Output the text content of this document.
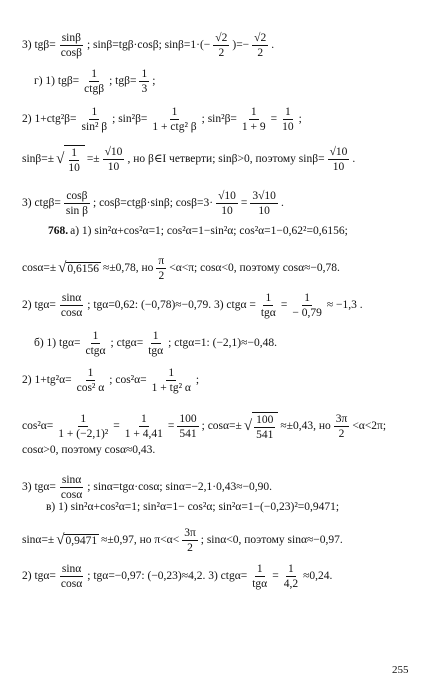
3) $tg\beta= \frac{\sin\beta}{\cos\beta}$ ; sinβ=tgβ·cosβ; $\sin\beta=1\cdot(- \frac{√2}{2}$ )=− $\frac{√2}{2}$ .
г) 1) tgβ=
1
ctgβ
; $tg\beta= \frac{1}{3}$ ;
2) $1+ctg^2\beta= \frac{1}{\text{sin² β}}$ ; sin²β=
1
1 + ctg² β
; $\sin^2\beta= \frac{1}{1 + 9} = \frac{1}{10}$ ;
sinβ=± √ 1
10
=± $\frac{√10}{10}$ , но β∈I четверти; sinβ>0, поэтому $\sin\beta= \frac{√10}{10}$ .
3) $ctg\beta= \frac{\cos\beta}{\text{sin β}}$ ; cosβ=ctgβ·sinβ; $\cos\beta=3\cdot \frac{√10}{10} = \frac{3√10}{10}$ .
768. а) 1) sin²α+cos²α=1; cos²α=1−sin²α; cos²α=1−0,62²=0,6156;
cosα=± √ 0,6156 ≈±0,78, но
π
2
<α<π; cosα<0, поэтому cosα≈−0,78.
2) $tg\alpha= \frac{\sin\alpha}{\cos\alpha}$ ; tgα=0,62: (−0,78)≈−0,79. 3) ctgα =
1
tgα
= $\frac{1}{- 0,79} \approx -1,3$ .
б) 1) tgα=
1
ctgα
; ctgα=
1
tgα
; ctgα=1: (−2,1)≈−0,48.
2) $1+tg^2\alpha= \frac{1}{\text{cos² α}}$ ; $\cos^2\alpha= \frac{1}{\text{1 + tg² α}}$ ;
$\cos^2\alpha= \frac{1}{\text{1 + (−2,1)²}} = \frac{1}{1 + 4,41} = \frac{100}{541}$ ; cosα=± √ 100
541
≈±0,43, но
3π
2
<α<2π;
cosα>0, поэтому cosα≈0,43.
3) $tg\alpha= \frac{\sin\alpha}{\cos\alpha}$ ; sinα=tgα·cosα; sinα=−2,1·0,43≈−0,90.
в) 1) sin²α+cos²α=1; sin²α=1− cos²α; sin²α=1−(−0,23)²=0,9471;
sinα=± √ 0,9471 ≈±0,97, но π<α<
3π
2
; sinα<0, поэтому sinα≈−0,97.
2) $tg\alpha= \frac{\sin\alpha}{\cos\alpha}$ ; tgα=−0,97: (−0,23)≈4,2. 3) ctgα=
1
tgα
= $\frac{1}{4,2} \approx 0,24$.
255
